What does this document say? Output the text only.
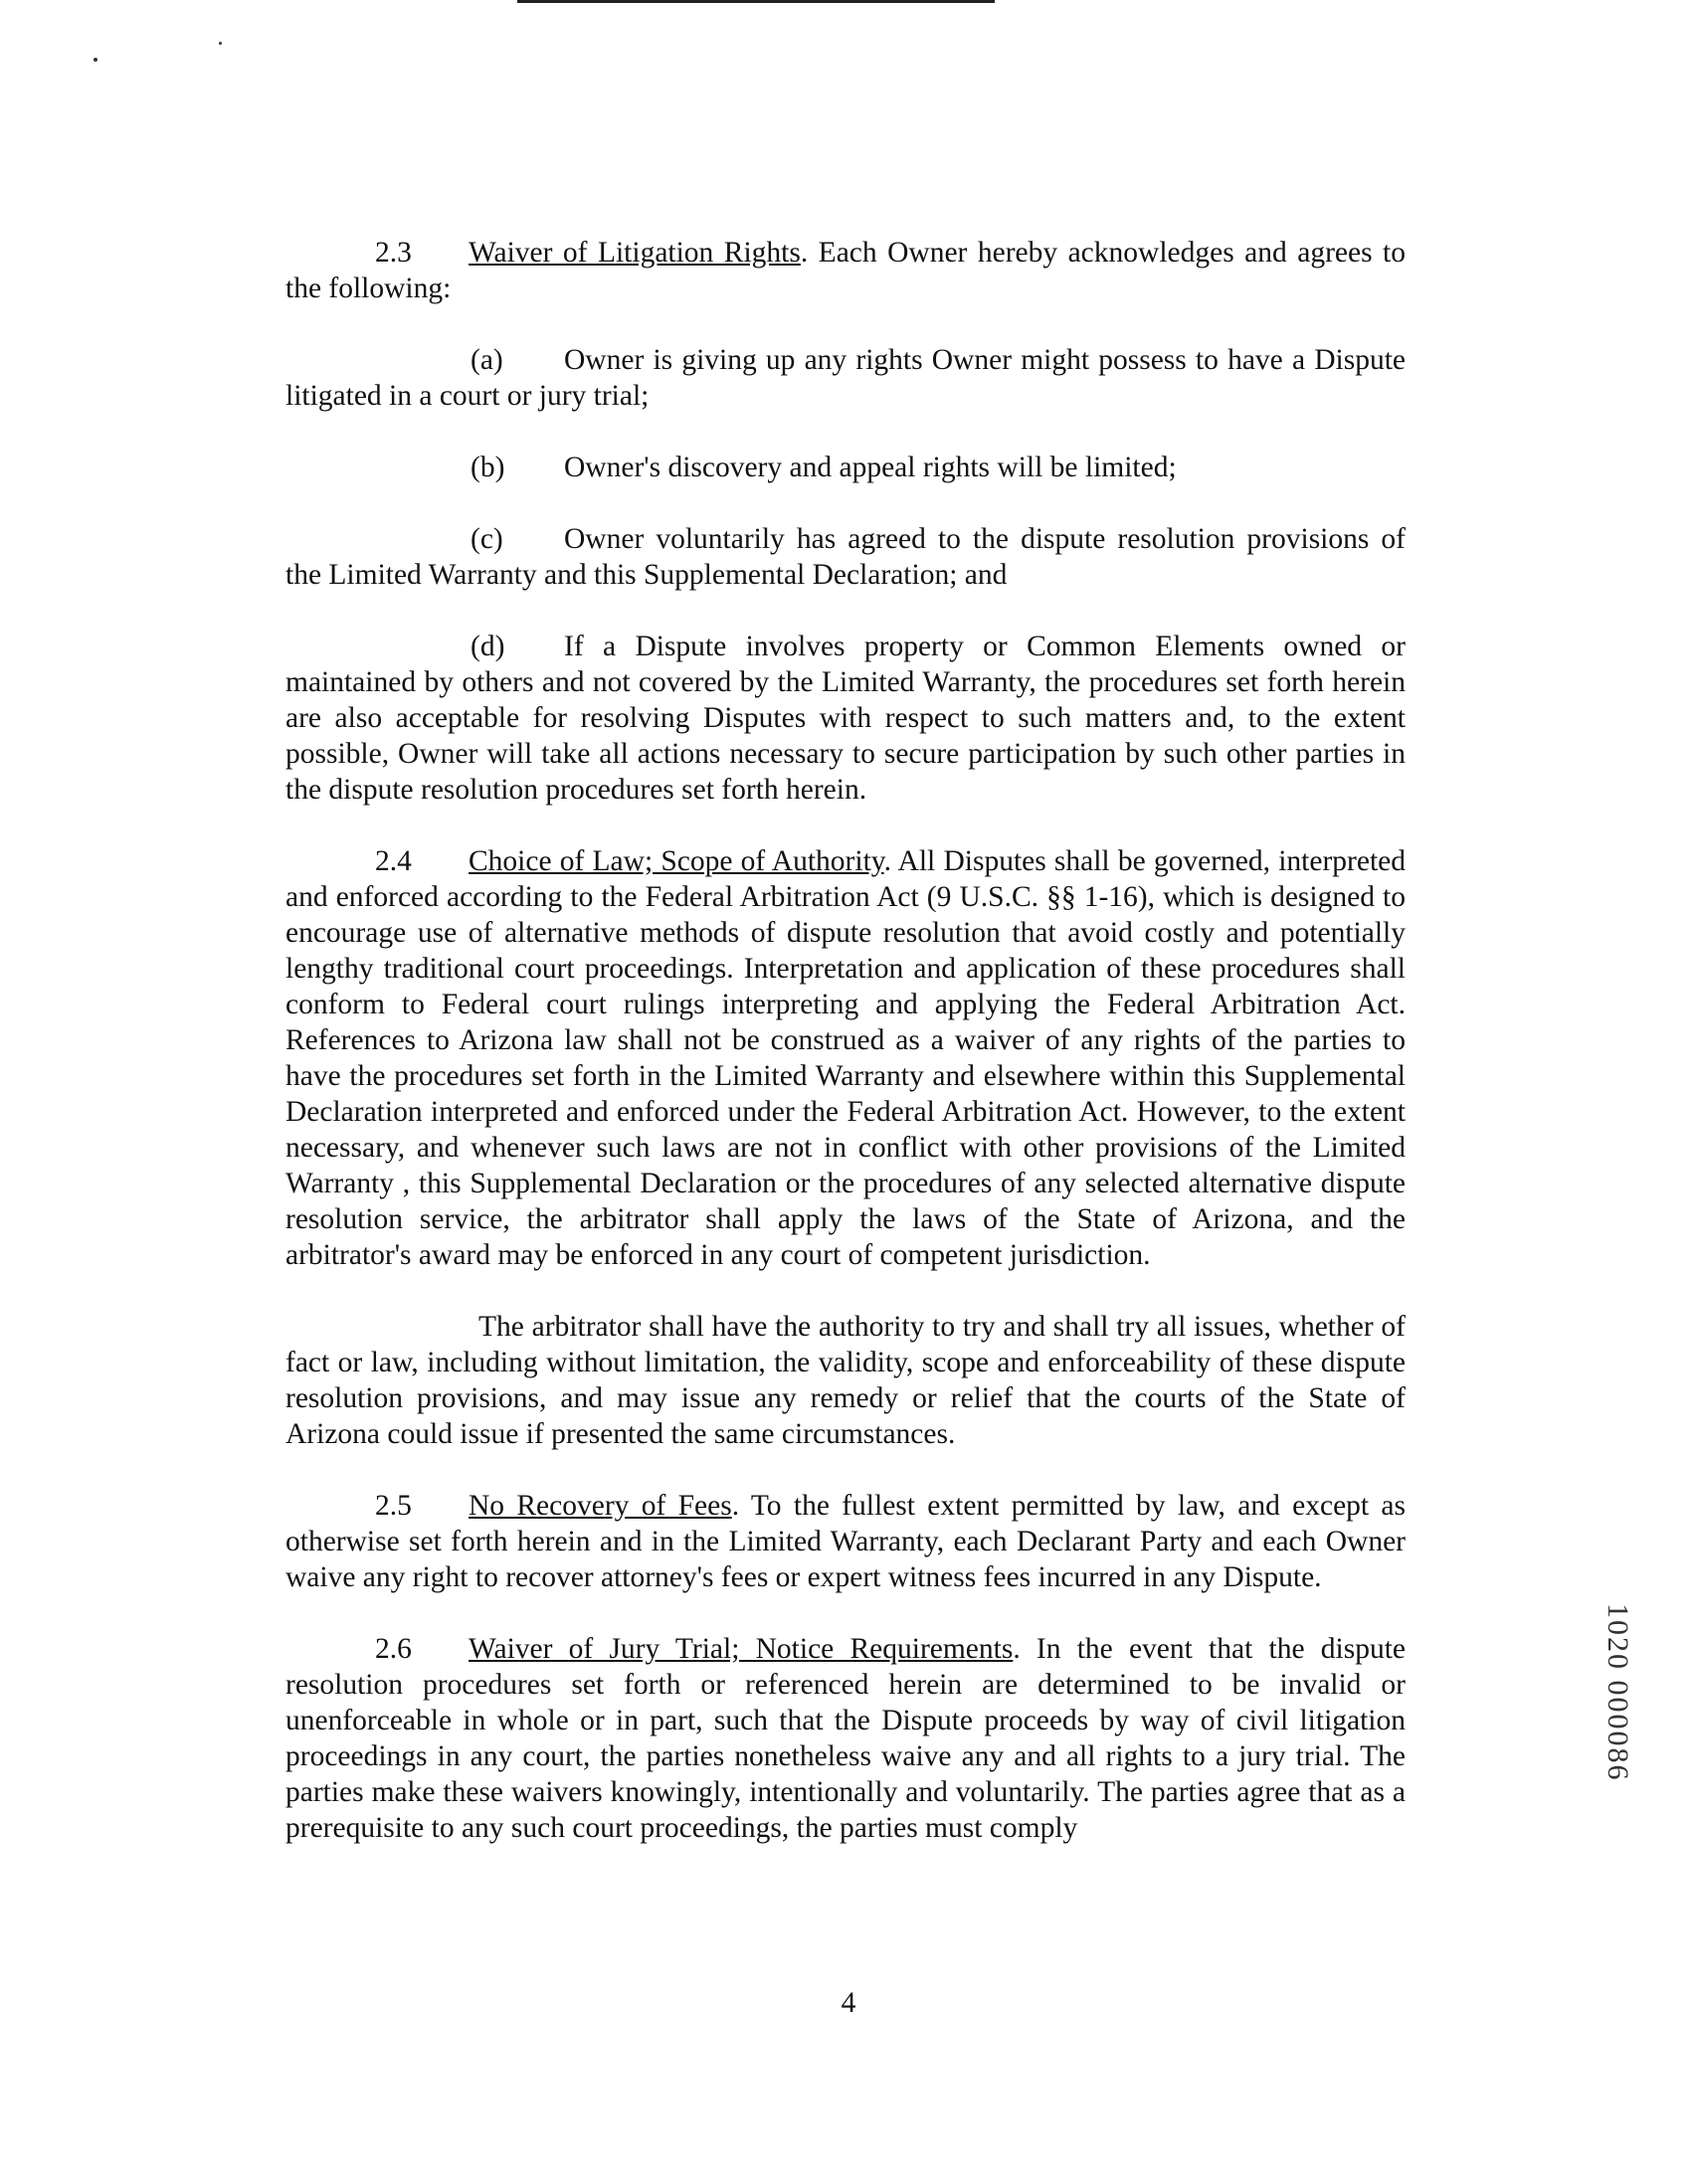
2.3 Waiver of Litigation Rights. Each Owner hereby acknowledges and agrees to the following:

(a) Owner is giving up any rights Owner might possess to have a Dispute litigated in a court or jury trial;

(b) Owner's discovery and appeal rights will be limited;

(c) Owner voluntarily has agreed to the dispute resolution provisions of the Limited Warranty and this Supplemental Declaration; and

(d) If a Dispute involves property or Common Elements owned or maintained by others and not covered by the Limited Warranty, the procedures set forth herein are also acceptable for resolving Disputes with respect to such matters and, to the extent possible, Owner will take all actions necessary to secure participation by such other parties in the dispute resolution procedures set forth herein.

2.4 Choice of Law; Scope of Authority. All Disputes shall be governed, interpreted and enforced according to the Federal Arbitration Act (9 U.S.C. §§ 1-16), which is designed to encourage use of alternative methods of dispute resolution that avoid costly and potentially lengthy traditional court proceedings. Interpretation and application of these procedures shall conform to Federal court rulings interpreting and applying the Federal Arbitration Act. References to Arizona law shall not be construed as a waiver of any rights of the parties to have the procedures set forth in the Limited Warranty and elsewhere within this Supplemental Declaration interpreted and enforced under the Federal Arbitration Act. However, to the extent necessary, and whenever such laws are not in conflict with other provisions of the Limited Warranty , this Supplemental Declaration or the procedures of any selected alternative dispute resolution service, the arbitrator shall apply the laws of the State of Arizona, and the arbitrator's award may be enforced in any court of competent jurisdiction.

The arbitrator shall have the authority to try and shall try all issues, whether of fact or law, including without limitation, the validity, scope and enforceability of these dispute resolution provisions, and may issue any remedy or relief that the courts of the State of Arizona could issue if presented the same circumstances.

2.5 No Recovery of Fees. To the fullest extent permitted by law, and except as otherwise set forth herein and in the Limited Warranty, each Declarant Party and each Owner waive any right to recover attorney's fees or expert witness fees incurred in any Dispute.

2.6 Waiver of Jury Trial; Notice Requirements. In the event that the dispute resolution procedures set forth or referenced herein are determined to be invalid or unenforceable in whole or in part, such that the Dispute proceeds by way of civil litigation proceedings in any court, the parties nonetheless waive any and all rights to a jury trial. The parties make these waivers knowingly, intentionally and voluntarily. The parties agree that as a prerequisite to any such court proceedings, the parties must comply

4
1020 000086
